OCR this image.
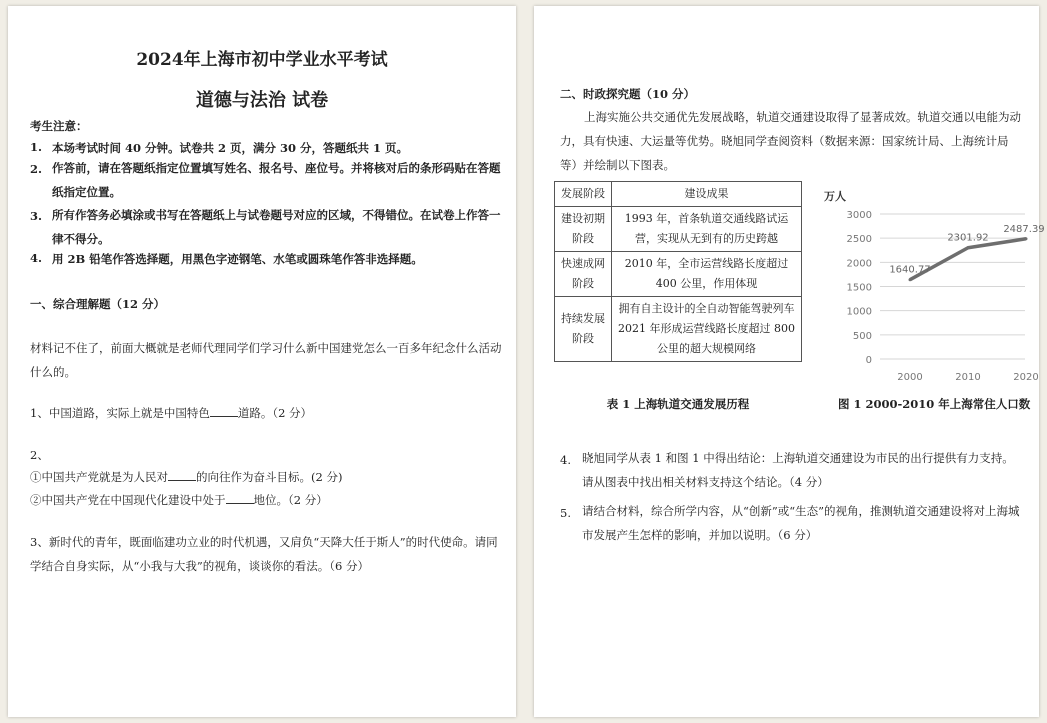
2024年上海市初中学业水平考试
道德与法治 试卷
考生注意：
1. 本场考试时间 40 分钟。试卷共 2 页，满分 30 分，答题纸共 1 页。
2. 作答前，请在答题纸指定位置填写姓名、报名号、座位号。并将核对后的条形码贴在答题纸指定位置。
3. 所有作答务必填涂或书写在答题纸上与试卷题号对应的区域，不得错位。在试卷上作答一律不得分。
4. 用 2B 铅笔作答选择题，用黑色字迹钢笔、水笔或圆珠笔作答非选择题。
一、综合理解题（12 分）
材料记不住了，前面大概就是老师代理同学们学习什么新中国建党怎么一百多年纪念什么活动什么的。
1、中国道路，实际上就是中国特色 道路。（2 分）
2、
①中国共产党就是为人民对 的向往作为奋斗目标。(2 分)
②中国共产党在中国现代化建设中处于 地位。（2 分）
3、新时代的青年，既面临建功立业的时代机遇，又肩负“天降大任于斯人”的时代使命。请同学结合自身实际，从“小我与大我”的视角，谈谈你的看法。（6 分）
二、时政探究题（10 分）
上海实施公共交通优先发展战略，轨道交通建设取得了显著成效。轨道交通以电能为动力，具有快速、大运量等优势。晓旭同学查阅资料（数据来源：国家统计局、上海统计局等）并绘制以下图表。
发展阶段	建设成果
建设初期阶段	1993 年，首条轨道交通线路试运营，实现从无到有的历史跨越
快速成网阶段	2010 年，全市运营线路长度超过 400 公里，作用体现
持续发展阶段	拥有自主设计的全自动智能驾驶列车 2021 年形成运营线路长度超过 800 公里的超大规模网络
表 1 上海轨道交通发展历程
0
500
1000
1500
2000
2500
3000
2000	2010	2020
1640.77
2301.92
2487.39
万人
图 1 2000-2010 年上海常住人口数
4. 晓旭同学从表 1 和图 1 中得出结论：上海轨道交通建设为市民的出行提供有力支持。请从图表中找出相关材料支持这个结论。（4 分）
5. 请结合材料，综合所学内容，从“创新”或“生态”的视角，推测轨道交通建设将对上海城市发展产生怎样的影响，并加以说明。（6 分）
